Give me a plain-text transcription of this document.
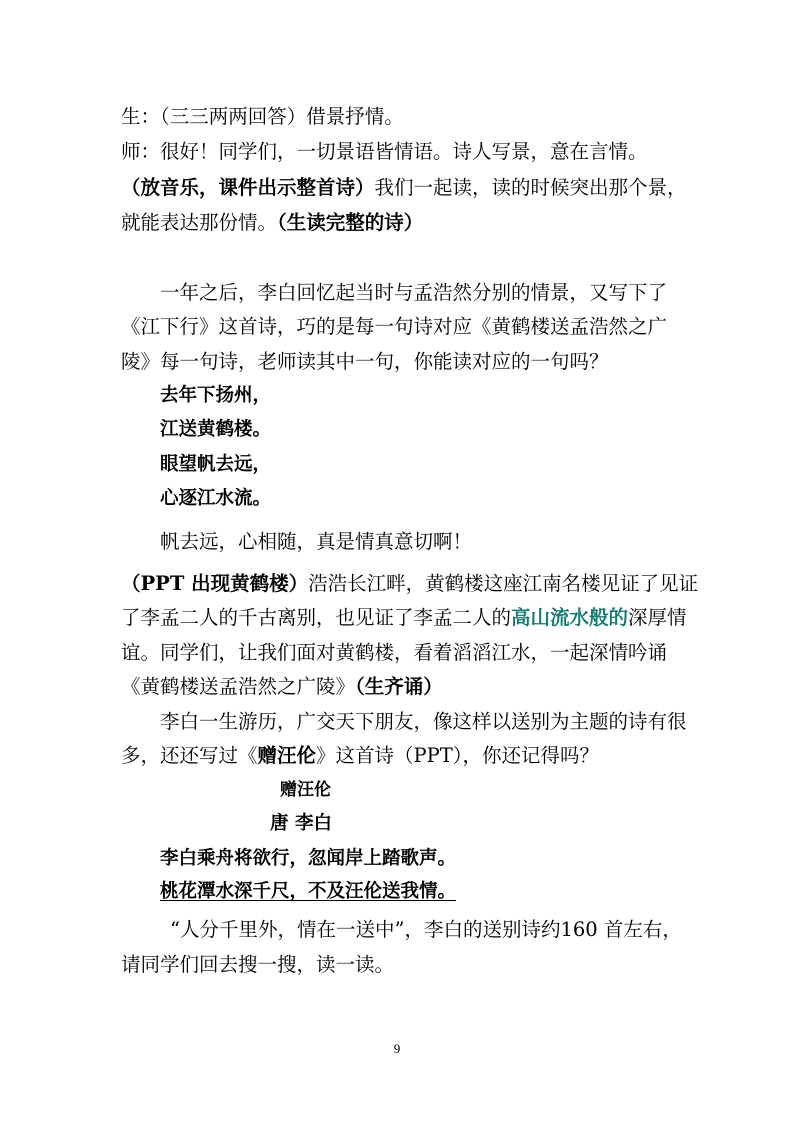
生：（三三两两回答）借景抒情。
师：很好！同学们，一切景语皆情语。诗人写景，意在言情。
（放音乐，课件出示整首诗）我们一起读，读的时候突出那个景，
就能表达那份情。（生读完整的诗）
一年之后，李白回忆起当时与孟浩然分别的情景，又写下了
《江下行》这首诗，巧的是每一句诗对应《黄鹤楼送孟浩然之广
陵》每一句诗，老师读其中一句，你能读对应的一句吗？
去年下扬州，
江送黄鹤楼。
眼望帆去远，
心逐江水流。
帆去远，心相随，真是情真意切啊！
（PPT 出现黄鹤楼）浩浩长江畔，黄鹤楼这座江南名楼见证了见证
了李孟二人的千古离别，也见证了李孟二人的高山流水般的深厚情
谊。同学们，让我们面对黄鹤楼，看着滔滔江水，一起深情吟诵
《黄鹤楼送孟浩然之广陵》（生齐诵）
李白一生游历，广交天下朋友，像这样以送别为主题的诗有很
多，还还写过《赠汪伦》这首诗（PPT），你还记得吗？
赠汪伦
唐 李白
李白乘舟将欲行，忽闻岸上踏歌声。
桃花潭水深千尺，不及汪伦送我情。
“人分千里外，情在一送中”，李白的送别诗约160 首左右，
请同学们回去搜一搜，读一读。
9
